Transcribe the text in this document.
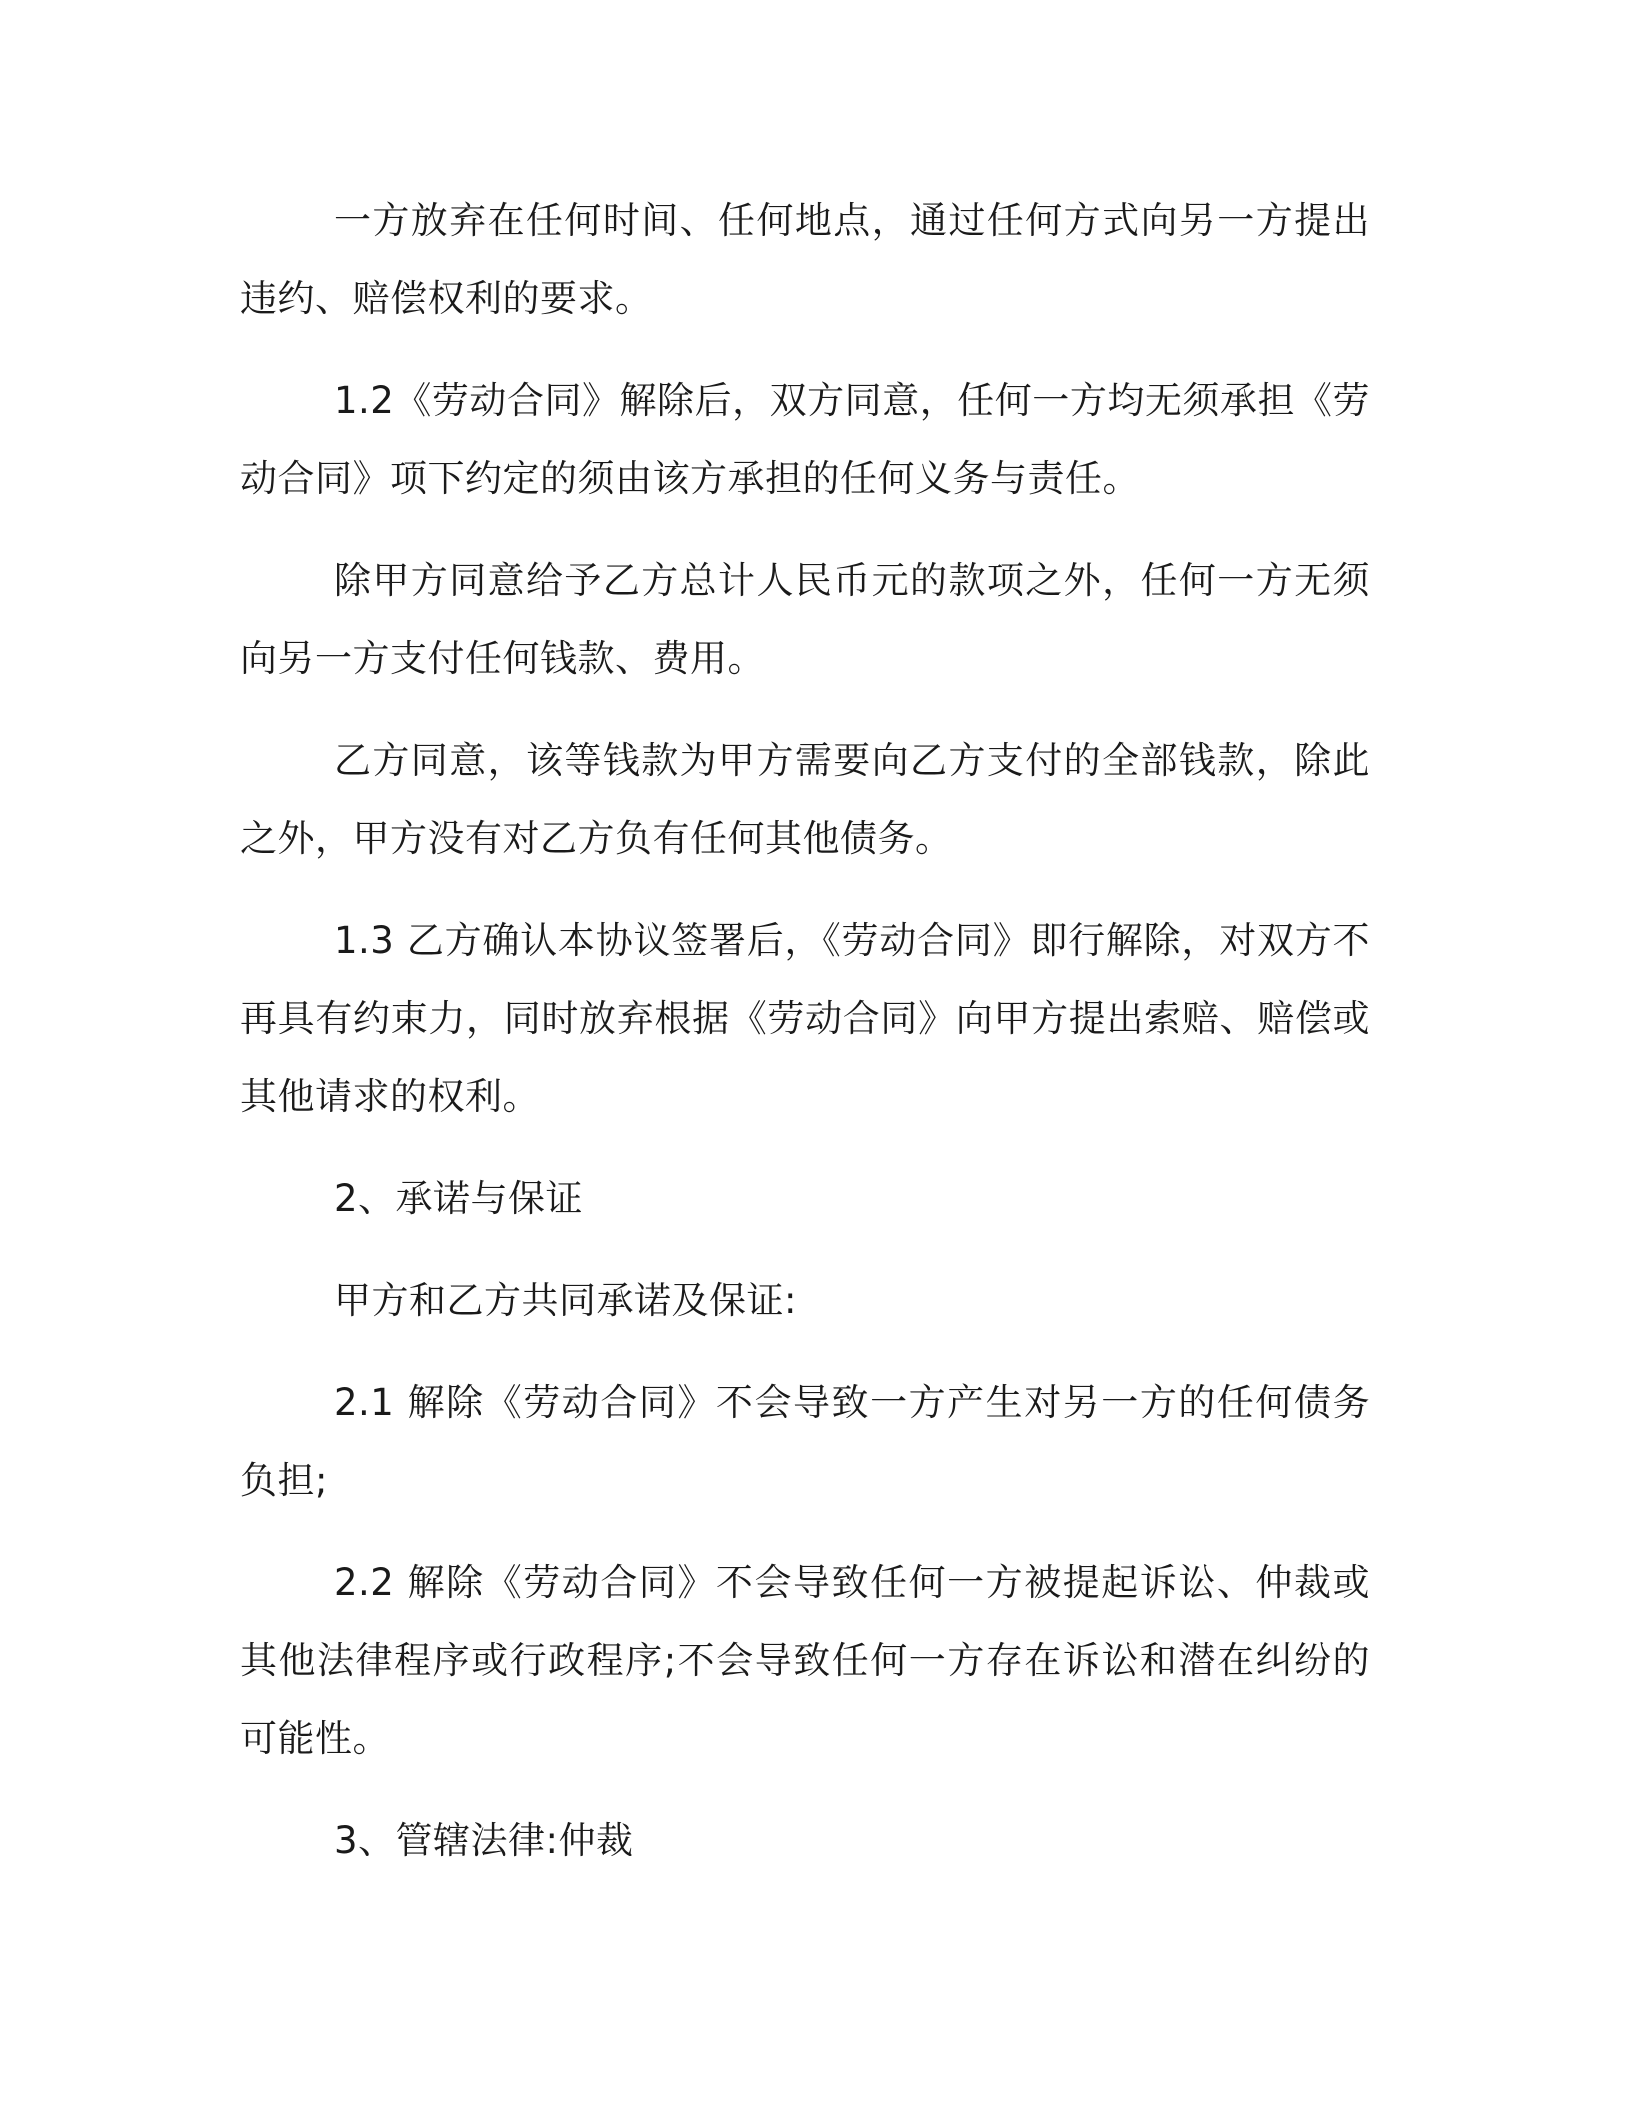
一方放弃在任何时间、任何地点，通过任何方式向另一方提出违约、赔偿权利的要求。

1.2《劳动合同》解除后，双方同意，任何一方均无须承担《劳动合同》项下约定的须由该方承担的任何义务与责任。

除甲方同意给予乙方总计人民币元的款项之外，任何一方无须向另一方支付任何钱款、费用。

乙方同意，该等钱款为甲方需要向乙方支付的全部钱款，除此之外，甲方没有对乙方负有任何其他债务。

1.3 乙方确认本协议签署后，《劳动合同》即行解除，对双方不再具有约束力，同时放弃根据《劳动合同》向甲方提出索赔、赔偿或其他请求的权利。

2、承诺与保证

甲方和乙方共同承诺及保证:

2.1 解除《劳动合同》不会导致一方产生对另一方的任何债务负担;

2.2 解除《劳动合同》不会导致任何一方被提起诉讼、仲裁或其他法律程序或行政程序;不会导致任何一方存在诉讼和潜在纠纷的可能性。

3、管辖法律:仲裁
